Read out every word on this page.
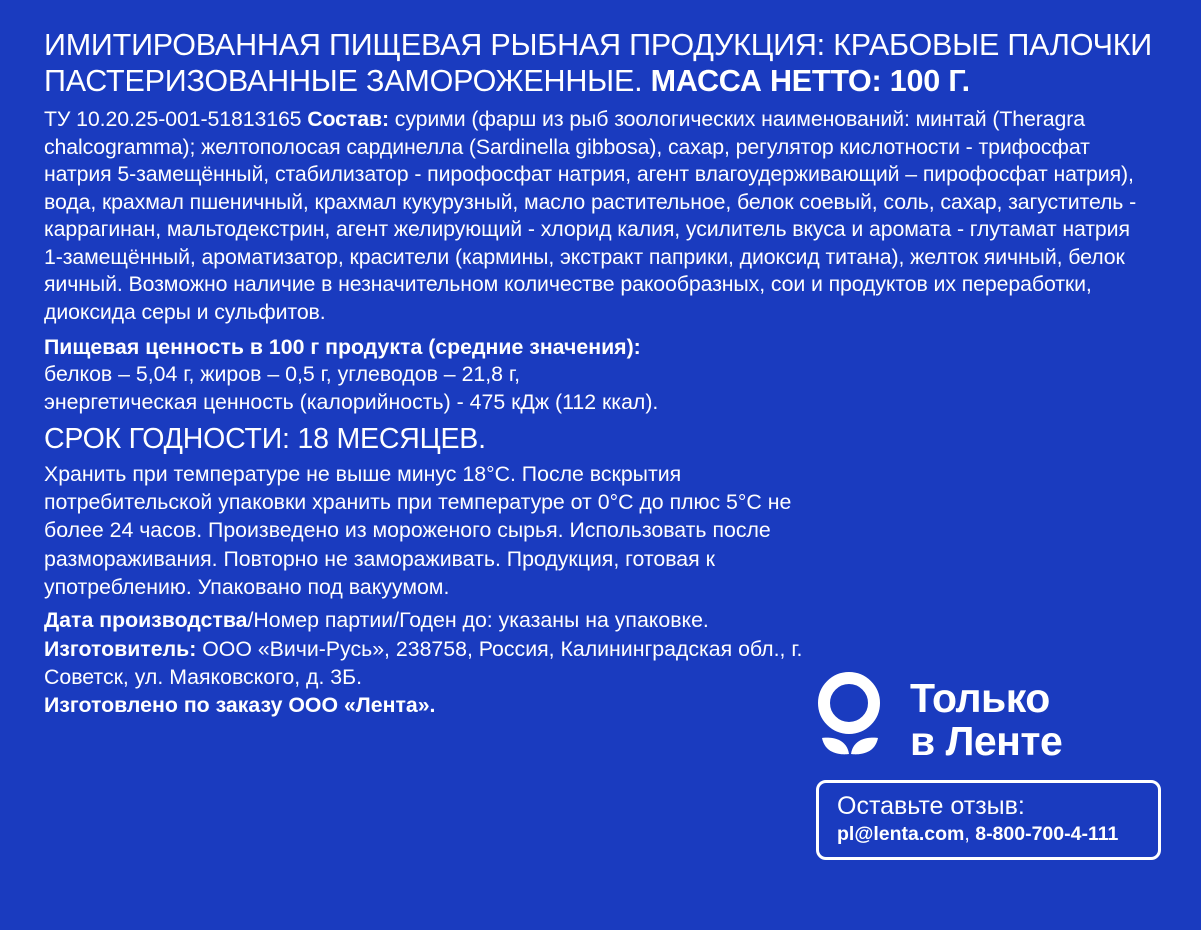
ИМИТИРОВАННАЯ ПИЩЕВАЯ РЫБНАЯ ПРОДУКЦИЯ: КРАБОВЫЕ ПАЛОЧКИ ПАСТЕРИЗОВАННЫЕ ЗАМОРОЖЕННЫЕ. МАССА НЕТТО: 100 Г.

ТУ 10.20.25-001-51813165 Состав: сурими (фарш из рыб зоологических наименований: минтай (Theragra chalcogramma); желтополосая сардинелла (Sardinella gibbosa), сахар, регулятор кислотности - трифосфат натрия 5-замещённый, стабилизатор - пирофосфат натрия, агент влагоудерживающий – пирофосфат натрия), вода, крахмал пшеничный, крахмал кукурузный, масло растительное, белок соевый, соль, сахар, загуститель - каррагинан, мальтодекстрин, агент желирующий - хлорид калия, усилитель вкуса и аромата - глутамат натрия 1-замещённый, ароматизатор, красители (кармины, экстракт паприки, диоксид титана), желток яичный, белок яичный. Возможно наличие в незначительном количестве ракообразных, сои и продуктов их переработки, диоксида серы и сульфитов.

Пищевая ценность в 100 г продукта (средние значения):

белков – 5,04 г, жиров – 0,5 г, углеводов – 21,8 г,
энергетическая ценность (калорийность) - 475 кДж (112 ккал).

СРОК ГОДНОСТИ: 18 МЕСЯЦЕВ.

Хранить при температуре не выше минус 18°C. После вскрытия потребительской упаковки хранить при температуре от 0°C до плюс 5°C не более 24 часов. Произведено из мороженого сырья. Использовать после размораживания. Повторно не замораживать. Продукция, готовая к употреблению. Упаковано под вакуумом.

Дата производства/Номер партии/Годен до: указаны на упаковке. Изготовитель: ООО «Вичи-Русь», 238758, Россия, Калининградская обл., г. Советск, ул. Маяковского, д. 3Б.
Изготовлено по заказу ООО «Лента».	Только
в Ленте

Оставьте отзыв:

pl@lenta.com, 8-800-700-4-111
